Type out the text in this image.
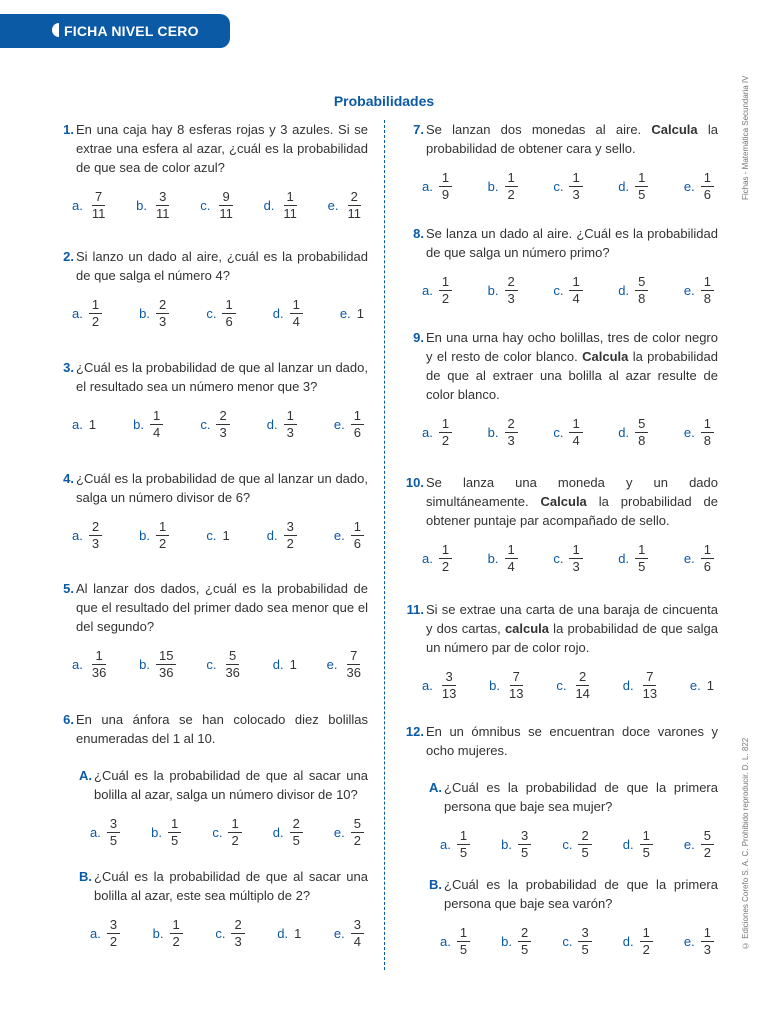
FICHA NIVEL CERO
Fichas - Matemática Secundaria IV
© Ediciones Corefo S. A. C. Prohibido reproducir. D. L. 822
Probabilidades
1. En una caja hay 8 esferas rojas y 3 azules. Si se extrae una esfera al azar, ¿cuál es la probabilidad de que sea de color azul?
a. $\frac{7}{11} b$. $\frac{3}{11} c$. $\frac{9}{11} d$. $\frac{1}{11} e$. $\frac{2}{11}$
2. Si lanzo un dado al aire, ¿cuál es la probabilidad de que salga el número 4?
a. $\frac{1}{2}$	b. $\frac{2}{3}$	c. $\frac{1}{6}$	d. $\frac{1}{4}$	e. 1
3. ¿Cuál es la probabilidad de que al lanzar un dado, el resultado sea un número menor que 3?
a. 1	b. $\frac{1}{4}$	c. $\frac{2}{3}$	d. $\frac{1}{3}$	e. $\frac{1}{6}$
4. ¿Cuál es la probabilidad de que al lanzar un dado, salga un número divisor de 6?
a. $\frac{2}{3}$	b. $\frac{1}{2}$	c. 1	d. $\frac{3}{2}$	e. $\frac{1}{6}$
5. Al lanzar dos dados, ¿cuál es la probabilidad de que el resultado del primer dado sea menor que el del segundo?
a. $\frac{1}{36} b$. $\frac{15}{36} c$. $\frac{5}{36} d$. 1 e. $\frac{7}{36}$
6. En una ánfora se han colocado diez bolillas enumeradas del 1 al 10.
A. ¿Cuál es la probabilidad de que al sacar una bolilla al azar, salga un número divisor de 10?
a. $\frac{3}{5} b$. $\frac{1}{5} c$. $\frac{1}{2} d$. $\frac{2}{5} e$. $\frac{5}{2}$
B. ¿Cuál es la probabilidad de que al sacar una bolilla al azar, este sea múltiplo de 2?
a. $\frac{3}{2}$	b. $\frac{1}{2}$	c. $\frac{2}{3}$	d. 1	e. $\frac{3}{4}$
7. Se lanzan dos monedas al aire. Calcula la probabilidad de obtener cara y sello.
a. $\frac{1}{9}$	b. $\frac{1}{2}$	c. $\frac{1}{3}$	d. $\frac{1}{5}$	e. $\frac{1}{6}$
8. Se lanza un dado al aire. ¿Cuál es la probabilidad de que salga un número primo?
a. $\frac{1}{2}$	b. $\frac{2}{3}$	c. $\frac{1}{4}$	d. $\frac{5}{8}$	e. $\frac{1}{8}$
9. En una urna hay ocho bolillas, tres de color negro y el resto de color blanco. Calcula la probabilidad de que al extraer una bolilla al azar resulte de color blanco.
a. $\frac{1}{2}$	b. $\frac{2}{3}$	c. $\frac{1}{4}$	d. $\frac{5}{8}$	e. $\frac{1}{8}$
10. Se lanza una moneda y un dado simultáneamente. Calcula la probabilidad de obtener puntaje par acompañado de sello.
a. $\frac{1}{2}$	b. $\frac{1}{4}$	c. $\frac{1}{3}$	d. $\frac{1}{5}$	e. $\frac{1}{6}$
11. Si se extrae una carta de una baraja de cincuenta y dos cartas, calcula la probabilidad de que salga un número par de color rojo.
a. $\frac{3}{13} b$. $\frac{7}{13} c$. $\frac{2}{14} d$. $\frac{7}{13} e$. 1
12. En un ómnibus se encuentran doce varones y ocho mujeres.
A. ¿Cuál es la probabilidad de que la primera persona que baje sea mujer?
a. $\frac{1}{5} b$. $\frac{3}{5} c$. $\frac{2}{5} d$. $\frac{1}{5} e$. $\frac{5}{2}$
B. ¿Cuál es la probabilidad de que la primera persona que baje sea varón?
a. $\frac{1}{5} b$. $\frac{2}{5} c$. $\frac{3}{5} d$. $\frac{1}{2} e$. $\frac{1}{3}$
